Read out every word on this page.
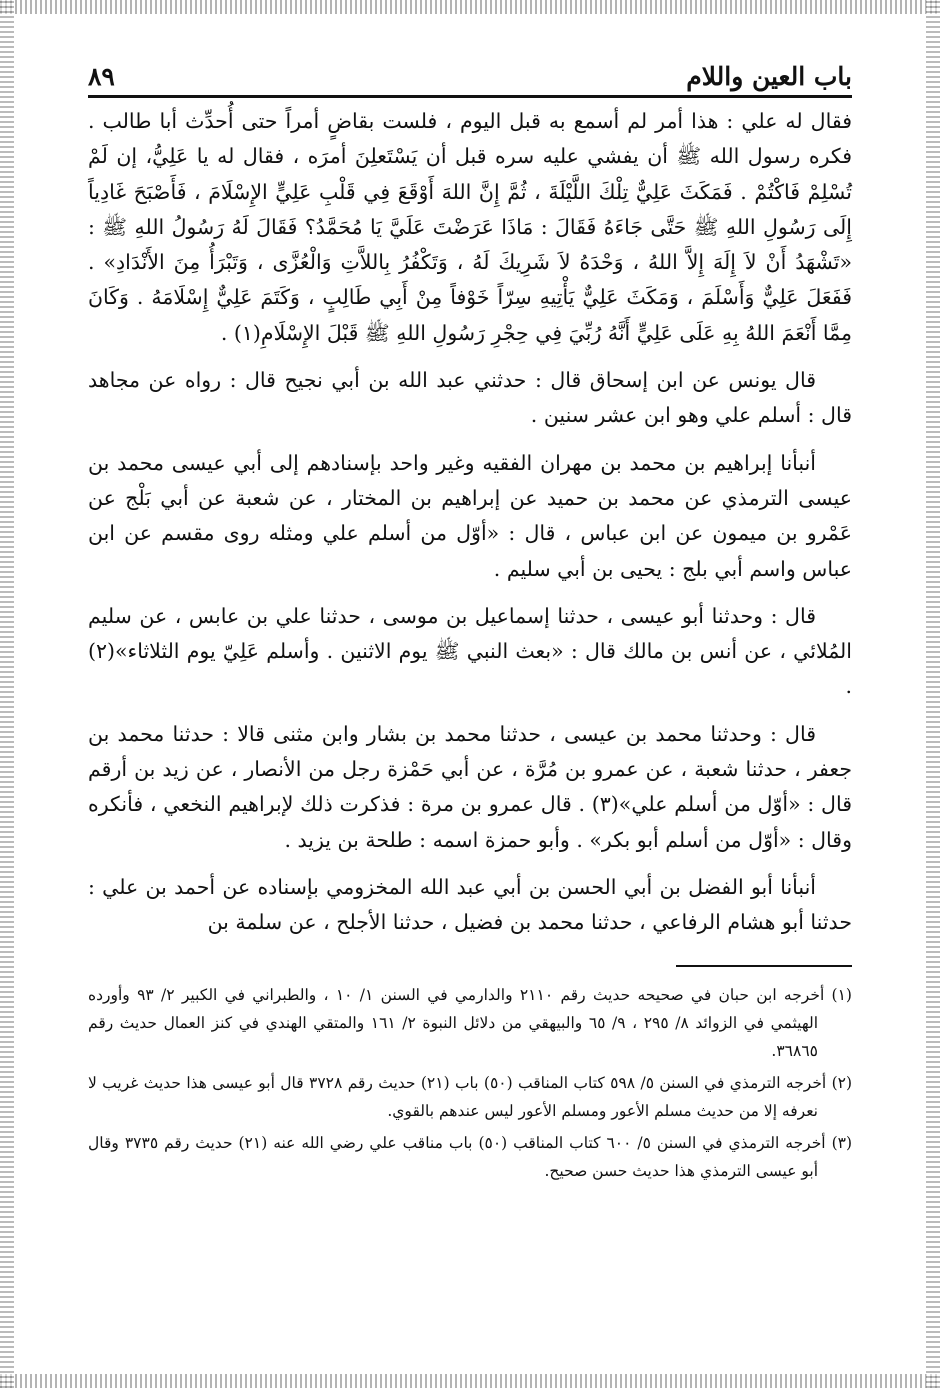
باب العين واللام
٨٩

فقال له علي : هذا أمر لم أسمع به قبل اليوم ، فلست بقاضٍ أمراً حتى أُحدِّث أبا طالب . فكره رسول الله ﷺ أن يفشي عليه سره قبل أن يَسْتَعلِنَ أمرَه ، فقال له يا عَلِيُّ، إن لَمْ تُسْلِمْ فَاكْتُمْ . فَمَكَثَ عَلِيٌّ تِلْكَ اللَّيْلَةَ ، ثُمَّ إِنَّ اللهَ أَوْقَعَ فِي قَلْبِ عَلِيٍّ الإِسْلَامَ ، فَأَصْبَحَ غَادِياً إِلَى رَسُولِ اللهِ ﷺ حَتَّى جَاءَهُ فَقَالَ : مَاذَا عَرَضْتَ عَلَيَّ يَا مُحَمَّدُ؟ فَقَالَ لَهُ رَسُولُ اللهِ ﷺ : «تَشْهَدُ أَنْ لاَ إِلَهَ إِلاَّ اللهُ ، وَحْدَهُ لاَ شَرِيكَ لَهُ ، وَتَكْفُرُ بِاللاَّتِ وَالْعُزَّى ، وَتَبْرَأُ مِنَ الأَنْدَادِ» . فَفَعَلَ عَلِيٌّ وَأَسْلَمَ ، وَمَكَثَ عَلِيٌّ يَأْتِيهِ سِرّاً خَوْفاً مِنْ أَبِي طَالِبٍ ، وَكَتَمَ عَلِيٌّ إِسْلَامَهُ . وَكَانَ مِمَّا أَنْعَمَ اللهُ بِهِ عَلَى عَلِيٍّ أَنَّهُ رُبِّيَ فِي حِجْرِ رَسُولِ اللهِ ﷺ قَبْلَ الإِسْلَامِ(١) .

قال يونس عن ابن إسحاق قال : حدثني عبد الله بن أبي نجيح قال : رواه عن مجاهد قال : أسلم علي وهو ابن عشر سنين .

أنبأنا إبراهيم بن محمد بن مهران الفقيه وغير واحد بإسنادهم إلى أبي عيسى محمد بن عيسى الترمذي عن محمد بن حميد عن إبراهيم بن المختار ، عن شعبة عن أبي بَلْج عن عَمْرو بن ميمون عن ابن عباس ، قال : «أوّل من أسلم علي ومثله روى مقسم عن ابن عباس واسم أبي بلج : يحيى بن أبي سليم .

قال : وحدثنا أبو عيسى ، حدثنا إسماعيل بن موسى ، حدثنا علي بن عابس ، عن سليم المُلائي ، عن أنس بن مالك قال : «بعث النبي ﷺ يوم الاثنين . وأسلم عَلِيّ يوم الثلاثاء»(٢) .

قال : وحدثنا محمد بن عيسى ، حدثنا محمد بن بشار وابن مثنى قالا : حدثنا محمد بن جعفر ، حدثنا شعبة ، عن عمرو بن مُرَّة ، عن أبي حَمْزة رجل من الأنصار ، عن زيد بن أرقم قال : «أوّل من أسلم علي»(٣) . قال عمرو بن مرة : فذكرت ذلك لإبراهيم النخعي ، فأنكره وقال : «أوّل من أسلم أبو بكر» . وأبو حمزة اسمه : طلحة بن يزيد .

أنبأنا أبو الفضل بن أبي الحسن بن أبي عبد الله المخزومي بإسناده عن أحمد بن علي : حدثنا أبو هشام الرفاعي ، حدثنا محمد بن فضيل ، حدثنا الأجلح ، عن سلمة بن

(١) أخرجه ابن حبان في صحيحه حديث رقم ٢١١٠ والدارمي في السنن ١/ ١٠ ، والطبراني في الكبير ٢/ ٩٣ وأورده الهيثمي في الزوائد ٨/ ٢٩٥ ، ٩/ ٦٥ والبيهقي من دلائل النبوة ٢/ ١٦١ والمتقي الهندي في كنز العمال حديث رقم ٣٦٨٦٥.

(٢) أخرجه الترمذي في السنن ٥/ ٥٩٨ كتاب المناقب (٥٠) باب (٢١) حديث رقم ٣٧٢٨ قال أبو عيسى هذا حديث غريب لا نعرفه إلا من حديث مسلم الأعور ومسلم الأعور ليس عندهم بالقوي.

(٣) أخرجه الترمذي في السنن ٥/ ٦٠٠ كتاب المناقب (٥٠) باب مناقب علي رضي الله عنه (٢١) حديث رقم ٣٧٣٥ وقال أبو عيسى الترمذي هذا حديث حسن صحيح.
